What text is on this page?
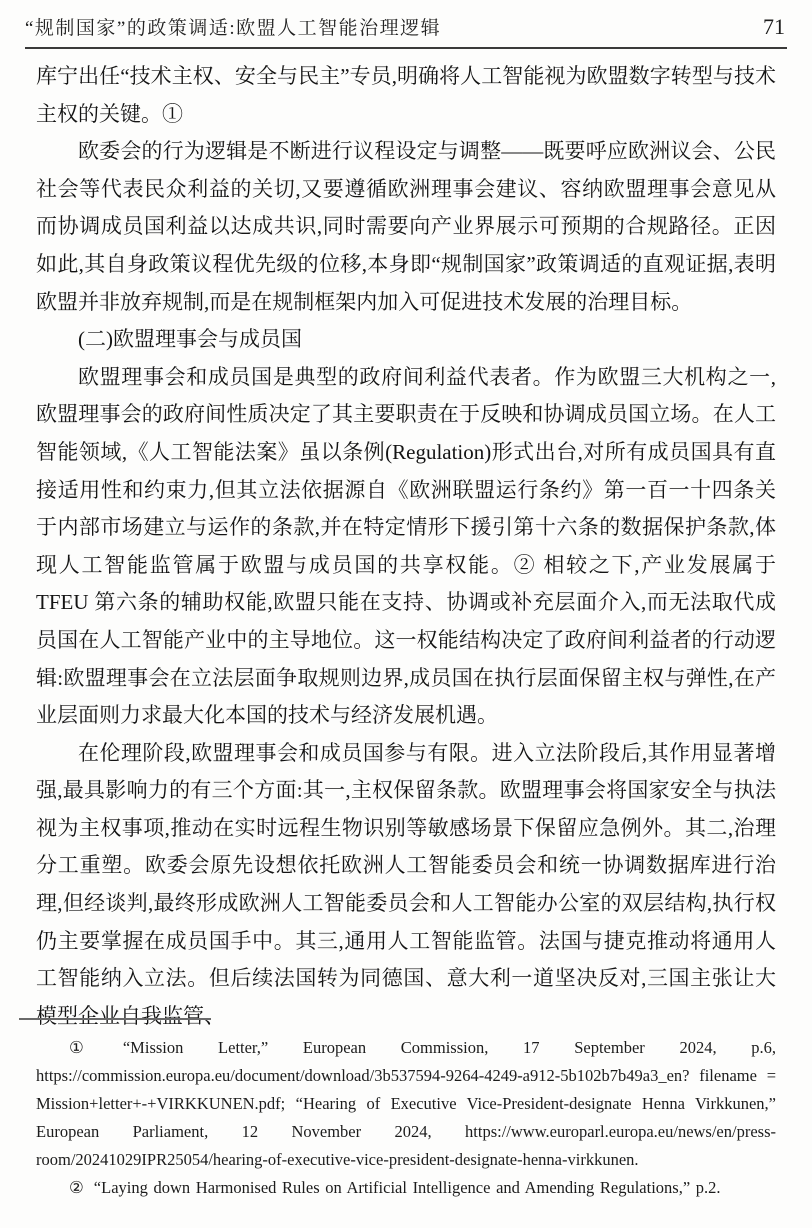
“规制国家”的政策调适:欧盟人工智能治理逻辑	71

库宁出任“技术主权、安全与民主”专员,明确将人工智能视为欧盟数字转型与技术主权的关键。①

欧委会的行为逻辑是不断进行议程设定与调整——既要呼应欧洲议会、公民社会等代表民众利益的关切,又要遵循欧洲理事会建议、容纳欧盟理事会意见从而协调成员国利益以达成共识,同时需要向产业界展示可预期的合规路径。正因如此,其自身政策议程优先级的位移,本身即“规制国家”政策调适的直观证据,表明欧盟并非放弃规制,而是在规制框架内加入可促进技术发展的治理目标。

(二)欧盟理事会与成员国

欧盟理事会和成员国是典型的政府间利益代表者。作为欧盟三大机构之一,欧盟理事会的政府间性质决定了其主要职责在于反映和协调成员国立场。在人工智能领域,《人工智能法案》虽以条例(Regulation)形式出台,对所有成员国具有直接适用性和约束力,但其立法依据源自《欧洲联盟运行条约》第一百一十四条关于内部市场建立与运作的条款,并在特定情形下援引第十六条的数据保护条款,体现人工智能监管属于欧盟与成员国的共享权能。② 相较之下,产业发展属于 TFEU 第六条的辅助权能,欧盟只能在支持、协调或补充层面介入,而无法取代成员国在人工智能产业中的主导地位。这一权能结构决定了政府间利益者的行动逻辑:欧盟理事会在立法层面争取规则边界,成员国在执行层面保留主权与弹性,在产业层面则力求最大化本国的技术与经济发展机遇。

在伦理阶段,欧盟理事会和成员国参与有限。进入立法阶段后,其作用显著增强,最具影响力的有三个方面:其一,主权保留条款。欧盟理事会将国家安全与执法视为主权事项,推动在实时远程生物识别等敏感场景下保留应急例外。其二,治理分工重塑。欧委会原先设想依托欧洲人工智能委员会和统一协调数据库进行治理,但经谈判,最终形成欧洲人工智能委员会和人工智能办公室的双层结构,执行权仍主要掌握在成员国手中。其三,通用人工智能监管。法国与捷克推动将通用人工智能纳入立法。但后续法国转为同德国、意大利一道坚决反对,三国主张让大模型企业自我监管、

① “Mission Letter,” European Commission, 17 September 2024, p.6, https://commission.europa.eu/document/download/3b537594-9264-4249-a912-5b102b7b49a3_en? filename = Mission+letter+-+VIRKKUNEN.pdf; “Hearing of Executive Vice-President-designate Henna Virkkunen,” European Parliament, 12 November 2024, https://www.europarl.europa.eu/news/en/press-room/20241029IPR25054/hearing-of-executive-vice-president-designate-henna-virkkunen.
② “Laying down Harmonised Rules on Artificial Intelligence and Amending Regulations,” p.2.
